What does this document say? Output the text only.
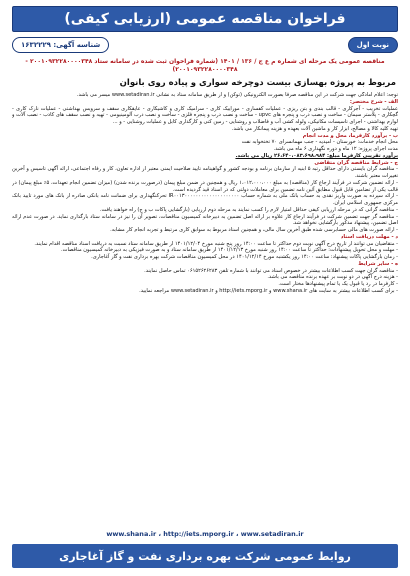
فراخوان مناقصه عمومی (ارزیابی کیفی)
نوبت اول
شناسه آگهی: ۱۶۳۲۲۲۹
مناقصه عمومی یک مرحله ای شماره م ع ج / ۱۳۶ / ۱۴۰۱ (شماره فراخوان ثبت شده در سامانه ستاد ۲۰۰۱۰۹۳۲۲۸۰۰۰۰۳۴۸ - ۲۰۰۱۰۹۳۲۲۸۰۰۰۰۳۴۸)
مربوط به پروژه بهسازی بیست دوچرخه سواری و پیاده روی بانوان

توجه: اعلام آمادگی جهت شرکت در این مناقصه صرفا بصورت الکترونیکی (توکن) و از طریق سامانه ستاد به نشانی www.setadiran.ir میسر می باشد.

الف - شرح مختصر:

عملیات تخریب - آجرکاری - قالب بندی و بتن ریزی - عملیات کفسازی - موزاییک کاری - سرامیک کاری و کاشیکاری - عایقکاری سقف و سرویس بهداشتی - عملیات نازک کاری - گچکاری - پلاستر سیمان - ساخت و نصب درب و پنجره های upvc - ساخت و نصب درب و پنجره فلزی - ساخت و نصب درب آلومینیومی - تهیه و نصب سقف های کاذب - نصب آلات و لوازم بهداشتی - اجرای تاسیسات مکانیکی، ولوله کشی آب و فاضلاب و روشنایی - زمین کنی و کارگذاری کابل و عملیات روشنایی - و ...

تهیه کلیه کالا و مصالح، ابزار کار و ماشین آلات بعهده و هزینه پیمانکار می باشد.

ب - برآورد کارفرما، محل و مدت انجام

محل انجام خدمات: خوزستان - امیدیه - جنب مهمانسرای ۷۰ تختخوابه نفت

مدت اجرای پروژه: ۱۲ ماه و دوره نگهداری ۶ ماه می باشد.

برآورد تقریبی کارفرما مبلغ: ۲۶،۶۴۰،۰۸۳،۶۹۸،۹۸۴ ریال می باشد.

ج - شرایط مناقصه گران متقاضی

- مناقصه گران بایستی دارای حداقل رتبه ۵ ابنیه از سازمان برنامه و بودجه کشور و گواهینامه تایید صلاحیت ایمنی معتبر از اداره تعاون، کار و رفاه اجتماعی، ارائه آگهی تاسیس و آخرین تغییرات معتبر باشند.

- ارائه تضمین شرکت در فرآیند ارجاع کار (مناقصه) به مبلغ ۱،۰۱۲،۰۰۰،۰۰۰ ریال و همچنین در ضمن مبلغ پیمان (درصورت برنده شدن) (میزان تضمین انجام تعهدات، ۵٪ مبلغ پیمان) در قالب یکی از تضامین قابل قبول مطابق آئین نامه تضمین برای معاملات دولتی که در اسناد قید گردیده است.

- ارائه سپرده به صورت واریز نقدی به حساب بانک ملی به شماره حساب IR۰۰۱۳۰۰۰۰۰۰۰۰۰۰۰۰۰۰۰۰۰۰۰۰ تحرکنگهداری برای ضمانت نامه بانکی صادره از بانک های مورد تایید بانک مرکزی جمهوری اسلامی ایران.

- مناقصه گرانی که در مرحله ارزیابی کیفی حداقل امتیاز لازم را کسب نمایند به مرحله دوم ارزیابی (بازگشایی پاکات ب و ج) راه خواهند یافت.

- مناقصه گر جهت تضمین شرکت در فرآیند ارجاع کار علاوه بر ارائه اصل تضمین به دبیرخانه کمیسیون مناقصات، تصویر آن را نیز در سامانه ستاد بارگذاری نماید. در صورت عدم ارائه اصل تضمین، پیشنهاد مذکور بازگشایی نخواهد شد.

- ارائه صورت های مالی حسابرسی شده طبق آخرین سال مالی، و همچنین اسناد مربوط به سوابق کاری مرتبط و تجربه انجام کار مشابه.

د - مهلت دریافت اسناد

- متقاضیان می توانند از تاریخ درج آگهی نوبت دوم حداکثر تا ساعت ۱۴:۰۰ روز پنج شنبه مورخ ۱۴۰۱/۱۲/۰۴ از طریق سامانه ستاد نسبت به دریافت اسناد مناقصه اقدام نمایند.

- مهلت و محل تحویل پیشنهادات: حداکثر تا ساعت ۱۴:۰۰ روز شنبه مورخ ۱۴۰۱/۱۲/۱۳ از طریق سامانه ستاد و به صورت فیزیکی به دبیرخانه کمیسیون مناقصات.

- زمان بازگشایی پاکات پیشنهاد: ساعت ۱۴:۰۰ روز یکشنبه مورخ ۱۴۰۱/۱۲/۱۴ در محل کمیسیون مناقصات شرکت بهره برداری نفت و گاز آغاجاری.

ه - سایر شرایط

- مناقصه گران جهت کسب اطلاعات بیشتر در خصوص اسناد می توانند با شماره تلفن ۰۶۱۵۲۶۲۶۲۸۳ تماس حاصل نمایند.

- هزینه درج آگهی در دو نوبت بر عهده برنده مناقصه می باشد.

- کارفرما در رد یا قبول یک یا تمام پیشنهادها مختار است.

- برای کسب اطلاعات بیشتر به سایت های www.shana.ir و http://iets.mporg.ir و www.setadiran.ir مراجعه نمایید.

www.shana.ir ، http://iets.mporg.ir ، www.setadiran.ir
روابط عمومی شرکت بهره برداری نفت و گاز آغاجاری
